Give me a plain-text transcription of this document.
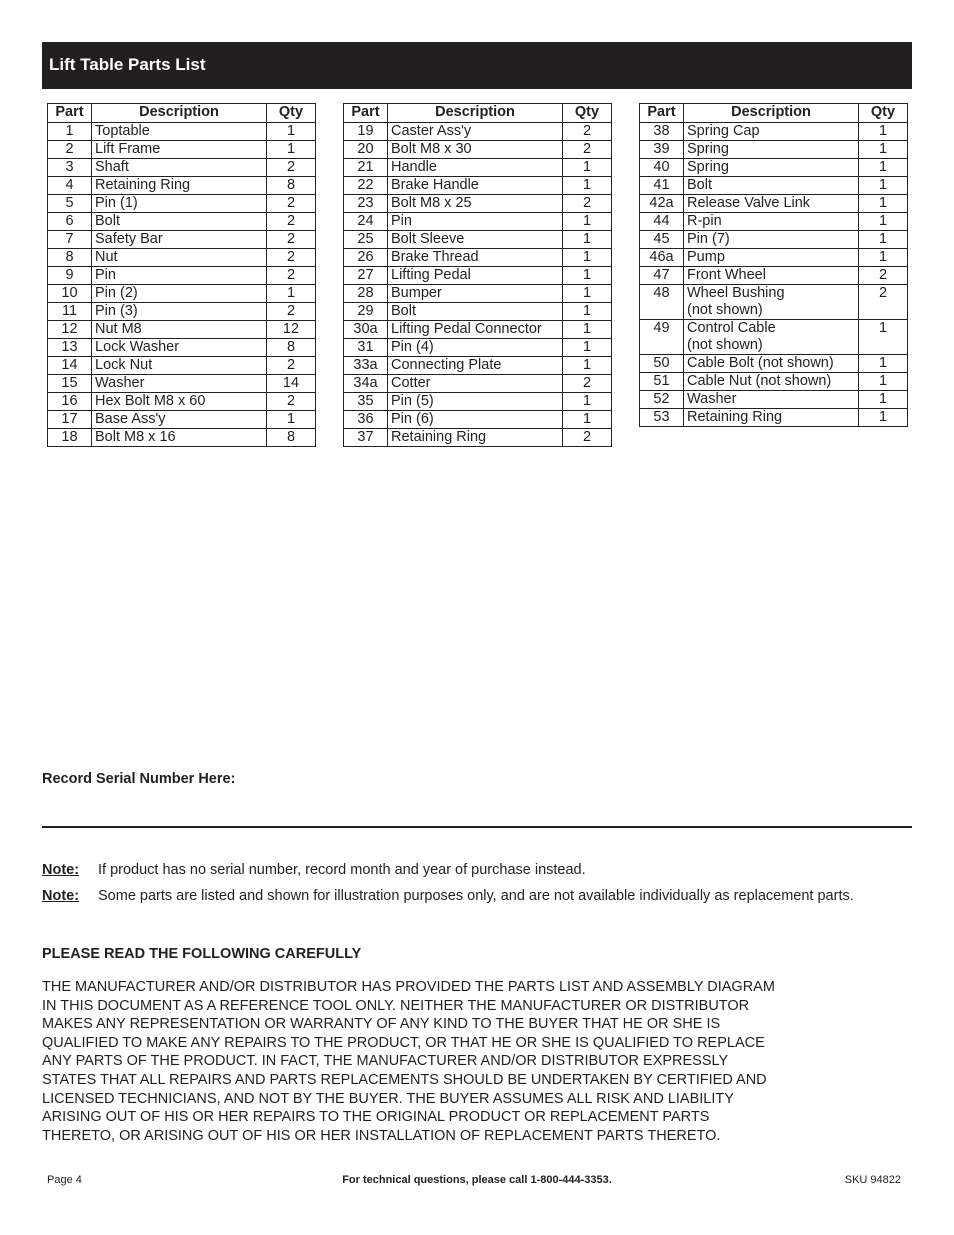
Lift Table Parts List
Part	Description	Qty
1	Toptable	1
2	Lift Frame	1
3	Shaft	2
4	Retaining Ring	8
5	Pin (1)	2
6	Bolt	2
7	Safety Bar	2
8	Nut	2
9	Pin	2
10	Pin (2)	1
11	Pin (3)	2
12	Nut M8	12
13	Lock Washer	8
14	Lock Nut	2
15	Washer	14
16	Hex Bolt M8 x 60	2
17	Base Ass'y	1
18	Bolt M8 x 16	8
Part	Description	Qty
19	Caster Ass'y	2
20	Bolt M8 x 30	2
21	Handle	1
22	Brake Handle	1
23	Bolt M8 x 25	2
24	Pin	1
25	Bolt Sleeve	1
26	Brake Thread	1
27	Lifting Pedal	1
28	Bumper	1
29	Bolt	1
30a	Lifting Pedal Connector	1
31	Pin (4)	1
33a	Connecting Plate	1
34a	Cotter	2
35	Pin (5)	1
36	Pin (6)	1
37	Retaining Ring	2
Part	Description	Qty
38	Spring Cap	1
39	Spring	1
40	Spring	1
41	Bolt	1
42a	Release Valve Link	1
44	R-pin	1
45	Pin (7)	1
46a	Pump	1
47	Front Wheel	2
48	Wheel Bushing
(not shown)	2
49	Control Cable
(not shown)	1
50	Cable Bolt (not shown)	1
51	Cable Nut (not shown)	1
52	Washer	1
53	Retaining Ring	1
Record Serial Number Here:
Note: If product has no serial number, record month and year of purchase instead.
Note: Some parts are listed and shown for illustration purposes only, and are not available individually as replacement parts.
PLEASE READ THE FOLLOWING CAREFULLY
THE MANUFACTURER AND/OR DISTRIBUTOR HAS PROVIDED THE PARTS LIST AND ASSEMBLY DIAGRAM
IN THIS DOCUMENT AS A REFERENCE TOOL ONLY. NEITHER THE MANUFACTURER OR DISTRIBUTOR
MAKES ANY REPRESENTATION OR WARRANTY OF ANY KIND TO THE BUYER THAT HE OR SHE IS
QUALIFIED TO MAKE ANY REPAIRS TO THE PRODUCT, OR THAT HE OR SHE IS QUALIFIED TO REPLACE
ANY PARTS OF THE PRODUCT. IN FACT, THE MANUFACTURER AND/OR DISTRIBUTOR EXPRESSLY
STATES THAT ALL REPAIRS AND PARTS REPLACEMENTS SHOULD BE UNDERTAKEN BY CERTIFIED AND
LICENSED TECHNICIANS, AND NOT BY THE BUYER. THE BUYER ASSUMES ALL RISK AND LIABILITY
ARISING OUT OF HIS OR HER REPAIRS TO THE ORIGINAL PRODUCT OR REPLACEMENT PARTS
THERETO, OR ARISING OUT OF HIS OR HER INSTALLATION OF REPLACEMENT PARTS THERETO.
Page 4	For technical questions, please call 1-800-444-3353.	SKU 94822
